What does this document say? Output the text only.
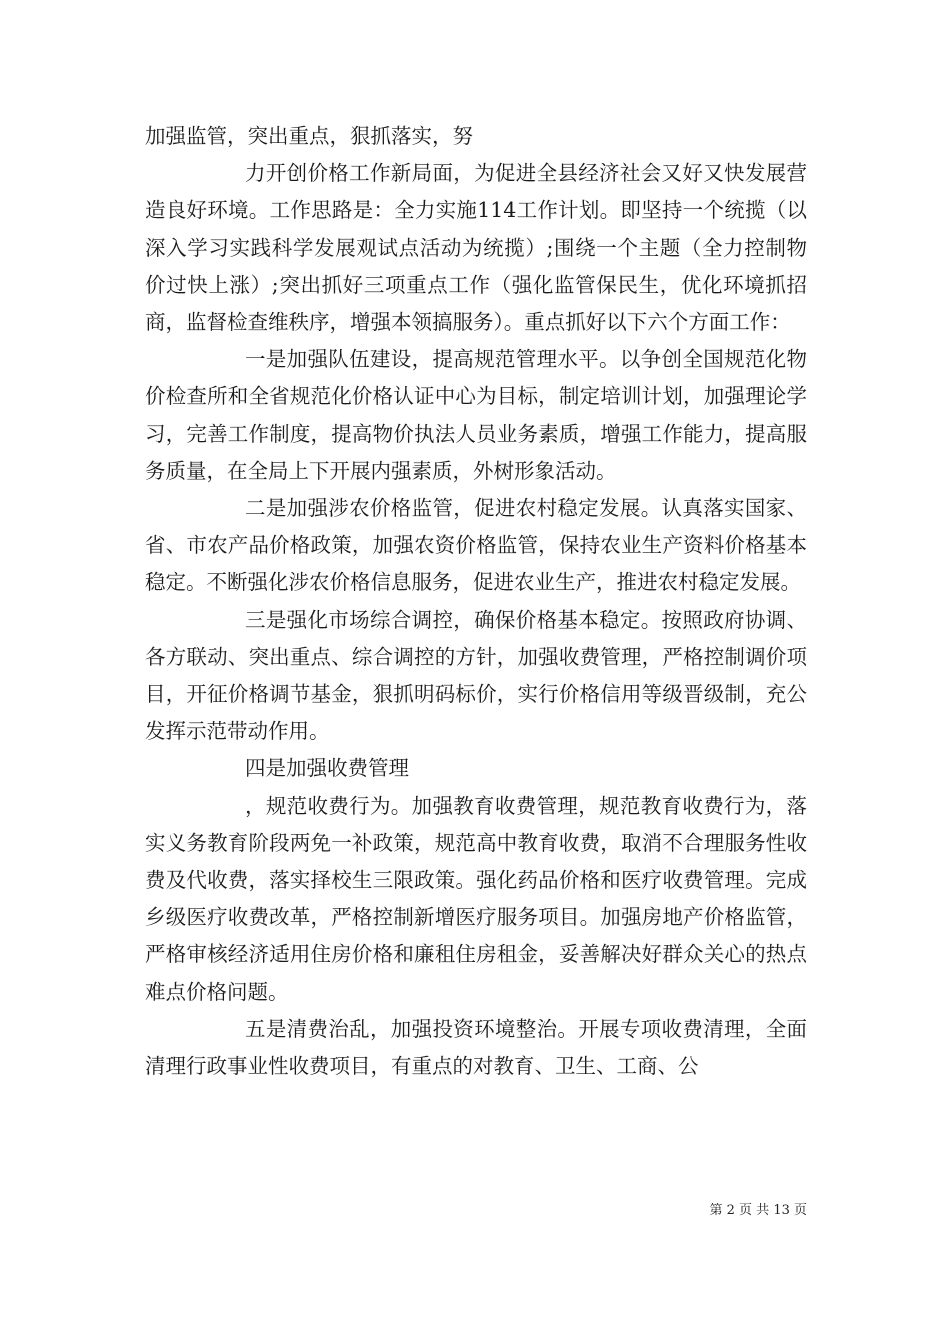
加强监管，突出重点，狠抓落实，努

力开创价格工作新局面，为促进全县经济社会又好又快发展营造良好环境。工作思路是：全力实施114工作计划。即坚持一个统揽（以深入学习实践科学发展观试点活动为统揽）;围绕一个主题（全力控制物价过快上涨）;突出抓好三项重点工作（强化监管保民生，优化环境抓招商，监督检查维秩序，增强本领搞服务）。重点抓好以下六个方面工作：

一是加强队伍建设，提高规范管理水平。以争创全国规范化物价检查所和全省规范化价格认证中心为目标，制定培训计划，加强理论学习，完善工作制度，提高物价执法人员业务素质，增强工作能力，提高服务质量，在全局上下开展内强素质，外树形象活动。

二是加强涉农价格监管，促进农村稳定发展。认真落实国家、省、市农产品价格政策，加强农资价格监管，保持农业生产资料价格基本稳定。不断强化涉农价格信息服务，促进农业生产，推进农村稳定发展。

三是强化市场综合调控，确保价格基本稳定。按照政府协调、各方联动、突出重点、综合调控的方针，加强收费管理，严格控制调价项目，开征价格调节基金，狠抓明码标价，实行价格信用等级晋级制，充公发挥示范带动作用。

四是加强收费管理

，规范收费行为。加强教育收费管理，规范教育收费行为，落实义务教育阶段两免一补政策，规范高中教育收费，取消不合理服务性收费及代收费，落实择校生三限政策。强化药品价格和医疗收费管理。完成乡级医疗收费改革，严格控制新增医疗服务项目。加强房地产价格监管，严格审核经济适用住房价格和廉租住房租金，妥善解决好群众关心的热点难点价格问题。

五是清费治乱，加强投资环境整治。开展专项收费清理，全面清理行政事业性收费项目，有重点的对教育、卫生、工商、公

第 2 页 共 13 页
